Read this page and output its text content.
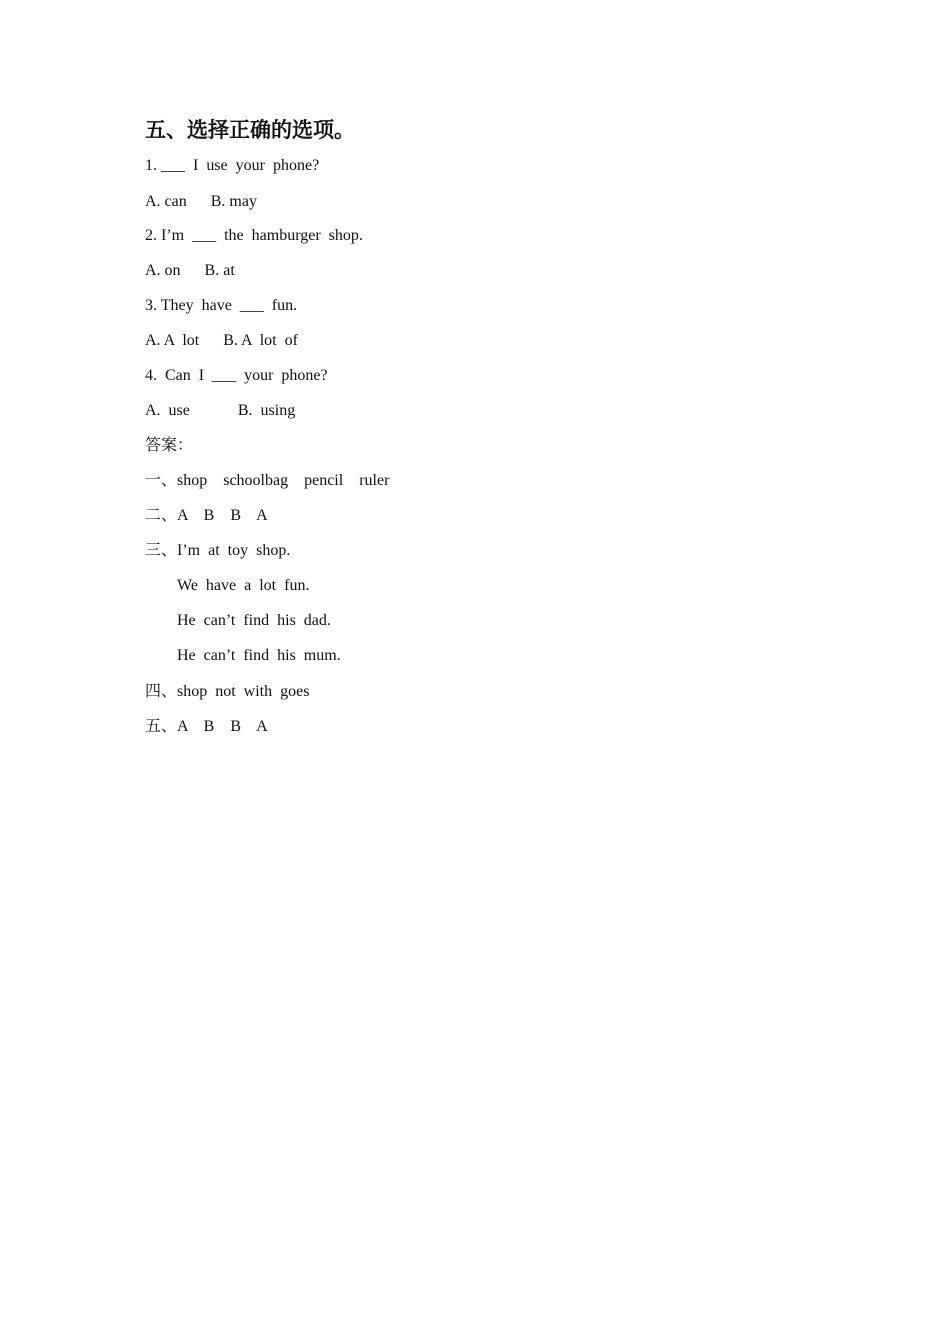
五、选择正确的选项。
1. ___  I  use  your  phone?
A. can      B. may
2. I’m  ___  the  hamburger  shop.
A. on      B. at
3. They  have  ___  fun.
A. A  lot      B. A  lot  of
4.  Can  I  ___  your  phone?
A.  use            B.  using
答案：
一、shop    schoolbag    pencil    ruler
二、A    B    B    A
三、I’m  at  toy  shop.
We  have  a  lot  fun.
He  can’t  find  his  dad.
He  can’t  find  his  mum.
四、shop  not  with  goes
五、A    B    B    A
